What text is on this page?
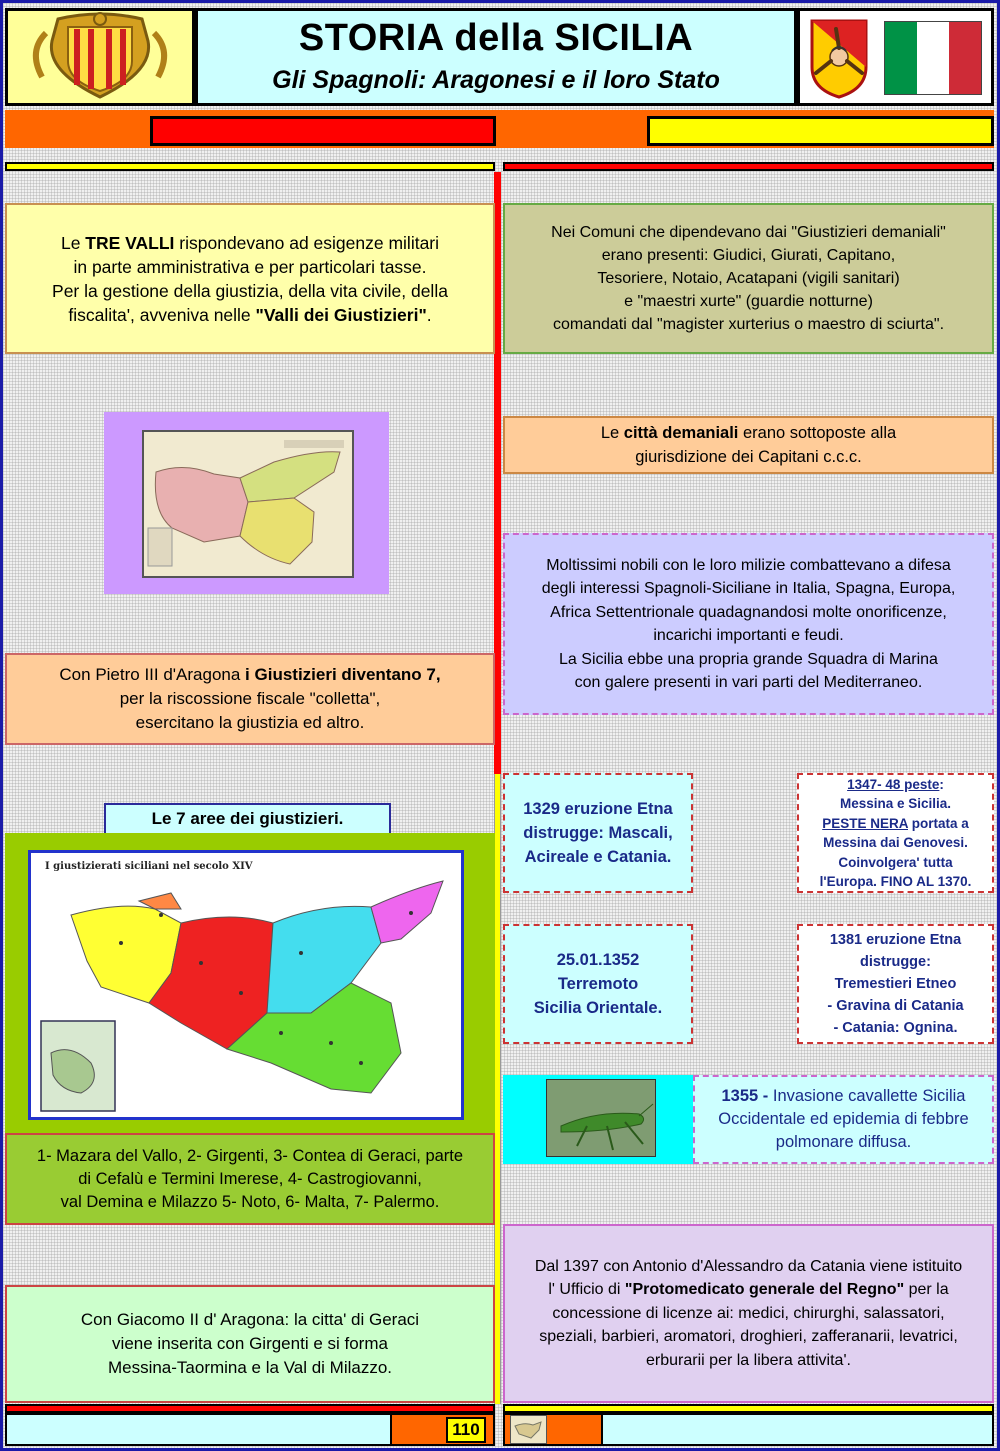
STORIA della SICILIA
Gli Spagnoli: Aragonesi e il loro Stato

Le TRE VALLI rispondevano ad esigenze militari

in parte amministrativa e per particolari tasse.

Per la gestione della giustizia, della vita civile, della

fiscalita', avveniva nelle "Valli dei Giustizieri".

Con Pietro III d'Aragona i Giustizieri diventano 7,

per la riscossione fiscale "colletta",

esercitano la giustizia ed altro.

Le 7 aree dei giustizieri.
I giustizierati siciliani nel secolo XIV

1- Mazara del Vallo, 2- Girgenti, 3- Contea di Geraci, parte

di Cefalù e Termini Imerese, 4- Castrogiovanni,

val Demina e Milazzo 5- Noto, 6- Malta, 7- Palermo.

Con Giacomo II d' Aragona: la citta' di Geraci

viene inserita con Girgenti e si forma

Messina-Taormina e la Val di Milazzo.

Nei Comuni che dipendevano dai "Giustizieri demaniali"

erano presenti: Giudici, Giurati, Capitano,

Tesoriere, Notaio, Acatapani (vigili sanitari)

e "maestri xurte" (guardie notturne)

comandati dal "magister xurterius o maestro di sciurta".

Le città demaniali erano sottoposte alla

giurisdizione dei Capitani c.c.c.

Moltissimi nobili con le loro milizie combattevano a difesa

degli interessi Spagnoli-Siciliane in Italia, Spagna, Europa,

Africa Settentrionale quadagnandosi molte onorificenze,

incarichi importanti e feudi.

La Sicilia ebbe una propria grande Squadra di Marina

con galere presenti in vari parti del Mediterraneo.

1329 eruzione Etna

distrugge: Mascali,

Acireale e Catania.

1347- 48 peste:

Messina e Sicilia.

PESTE NERA portata a

Messina dai Genovesi.

Coinvolgera' tutta

l'Europa. FINO AL 1370.

25.01.1352

Terremoto

Sicilia Orientale.

1381 eruzione Etna

distrugge:

Tremestieri Etneo

- Gravina di Catania

- Catania: Ognina.

1355 - Invasione cavallette Sicilia

Occidentale ed epidemia di febbre

polmonare diffusa.

Dal 1397 con Antonio d'Alessandro da Catania viene istituito

l' Ufficio di "Protomedicato generale del Regno" per la

concessione di licenze ai: medici, chirurghi, salassatori,

speziali, barbieri, aromatori, droghieri, zafferanarii, levatrici,

erburarii per la libera attivita'.

110
